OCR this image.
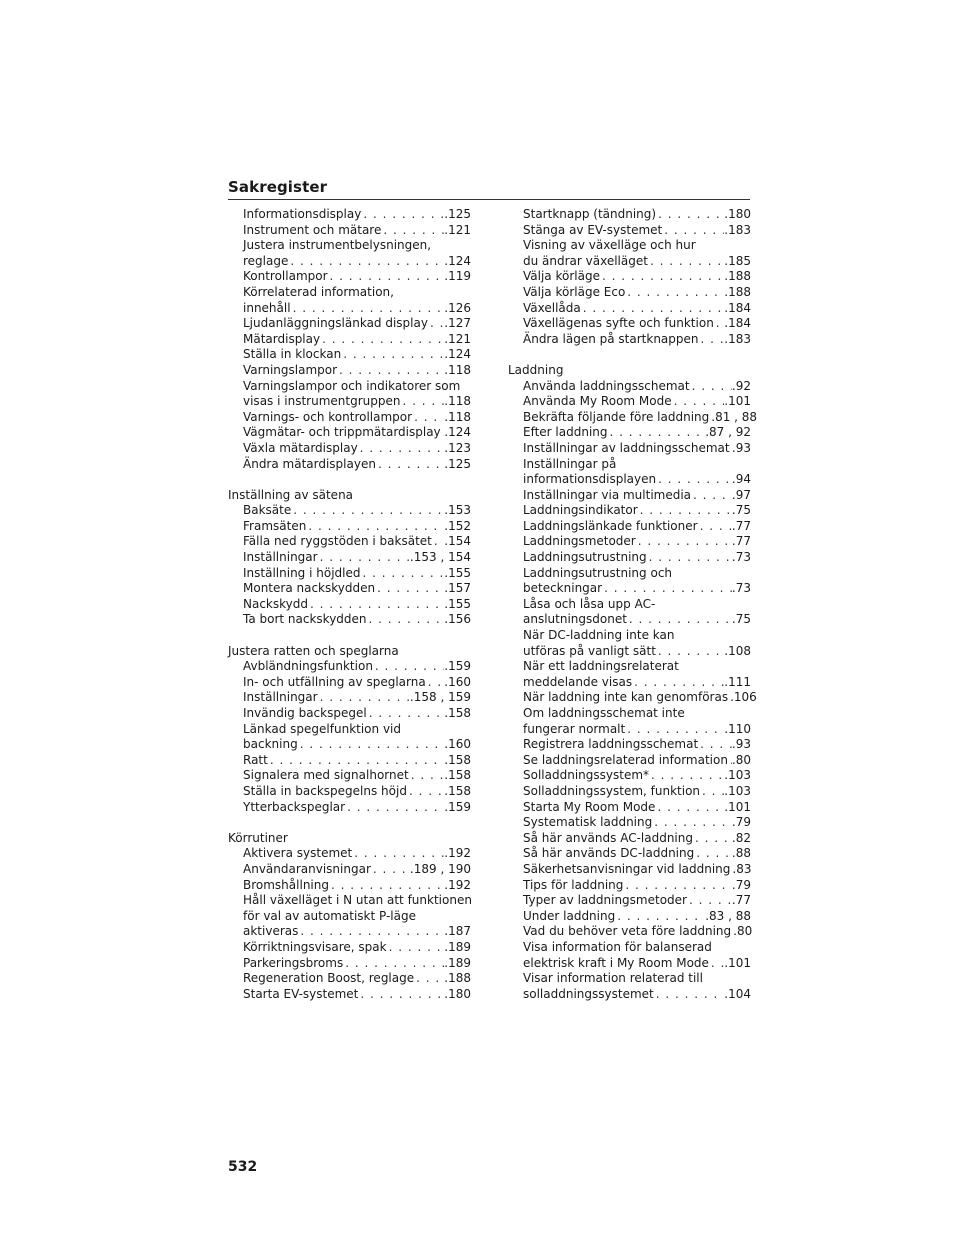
Sakregister
Informationsdisplay . . .	.125
Instrument och mätare . . .	.121
Justera instrumentbelysningen,
reglage . . .	.124
Kontrollampor . . .	.119
Körrelaterad information,
innehåll . . .	.126
Ljudanläggningslänkad display . . . .127
Mätardisplay . . .	.121
Ställa in klockan . . .	.124
Varningslampor . . .	.118
Varningslampor och indikatorer som
visas i instrumentgruppen . . .	.118
Varnings- och kontrollampor . . .	.118
Vägmätar- och trippmätardisplay . . . .124
Växla mätardisplay . . .	.123
Ändra mätardisplayen . . .	.125
Inställning av sätena
Baksäte . . .	.153
Framsäten . . .	.152
Fälla ned ryggstöden i baksätet . . . .154
Inställningar . . .	.153 , 154
Inställning i höjdled . . .	.155
Montera nackskydden . . .	.157
Nackskydd . . .	.155
Ta bort nackskydden . . .	.156
Justera ratten och speglarna
Avbländningsfunktion . . .	.159
In- och utfällning av speglarna . . . .160
Inställningar . . .	.158 , 159
Invändig backspegel . . .	.158
Länkad spegelfunktion vid
backning . . .	.160
Ratt . . .	.158
Signalera med signalhornet . . .	.158
Ställa in backspegelns höjd . . .	.158
Ytterbackspeglar . . .	.159
Körrutiner
Aktivera systemet . . .	.192
Användaranvisningar . . .	.189 , 190
Bromshållning . . .	.192
Håll växelläget i N utan att funktionen
för val av automatiskt P-läge
aktiveras . . .	.187
Körriktningsvisare, spak . . .	.189
Parkeringsbroms . . .	.189
Regeneration Boost, reglage . . .	.188
Starta EV-systemet . . .	.180
Startknapp (tändning) . . .	.180
Stänga av EV-systemet . . .	.183
Visning av växelläge och hur
du ändrar växelläget . . .	.185
Välja körläge . . .	.188
Välja körläge Eco . . .	.188
Växellåda . . .	.184
Växellägenas syfte och funktion . . . .184
Ändra lägen på startknappen . . . .183
Laddning
Använda laddningsschemat . . .	.92
Använda My Room Mode . . .	.101
Bekräfta följande före laddning . . . .81 , 88
Efter laddning . . .	.87 , 92
Inställningar av laddningsschemat . . . .93
Inställningar på
informationsdisplayen . . .	.94
Inställningar via multimedia . . .	.97
Laddningsindikator . . .	.75
Laddningslänkade funktioner . . .	.77
Laddningsmetoder . . .	.77
Laddningsutrustning . . .	.73
Laddningsutrustning och
beteckningar . . .	.73
Låsa och låsa upp AC-
anslutningsdonet . . .	.75
När DC-laddning inte kan
utföras på vanligt sätt . . .	.108
När ett laddningsrelaterat
meddelande visas . . .	.111
När laddning inte kan genomföras . . . .106
Om laddningsschemat inte
fungerar normalt . . .	.110
Registrera laddningsschemat . . .	.93
Se laddningsrelaterad information . . . .80
Solladdningssystem* . . .	.103
Solladdningssystem, funktion . . . .103
Starta My Room Mode . . .	.101
Systematisk laddning . . .	.79
Så här används AC-laddning . . .	.82
Så här används DC-laddning . . .	.88
Säkerhetsanvisningar vid laddning . . . .83
Tips för laddning . . .	.79
Typer av laddningsmetoder . . .	.77
Under laddning . . .	.83 , 88
Vad du behöver veta före laddning . . . .80
Visa information för balanserad
elektrisk kraft i My Room Mode . . . .101
Visar information relaterad till
solladdningssystemet . . .	.104
532
